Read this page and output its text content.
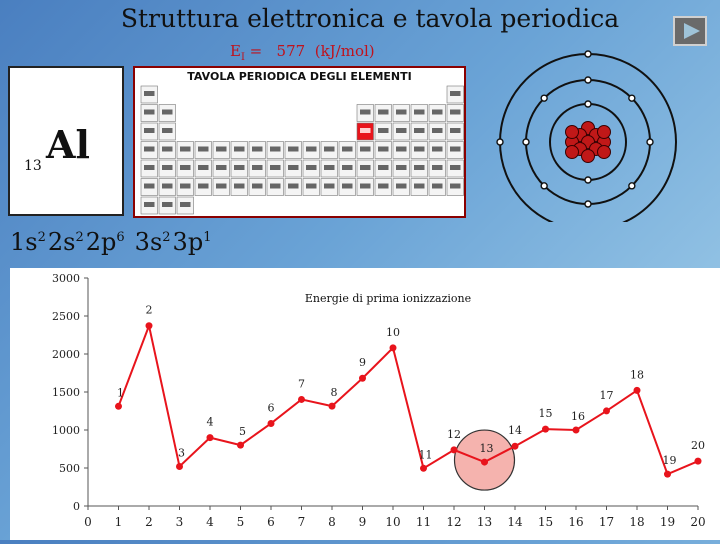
Struttura elettronica e tavola periodica
$E_I = 577$  (kJ/mol)
13 Al
TAVOLA PERIODICA DEGLI ELEMENTI
$1s^22s^22p^6$ $3s^23p^1$
0
500
1000
1500
2000
2500
3000
0 1 2 3 4 5 6 7 8 9 10 11 12 13 14 15 16 17 18 19 20
Energie di prima ionizzazione
1
2
3
4
5
6
7
8
9
10
11
12
13
14
15 16
17
18
19
20
